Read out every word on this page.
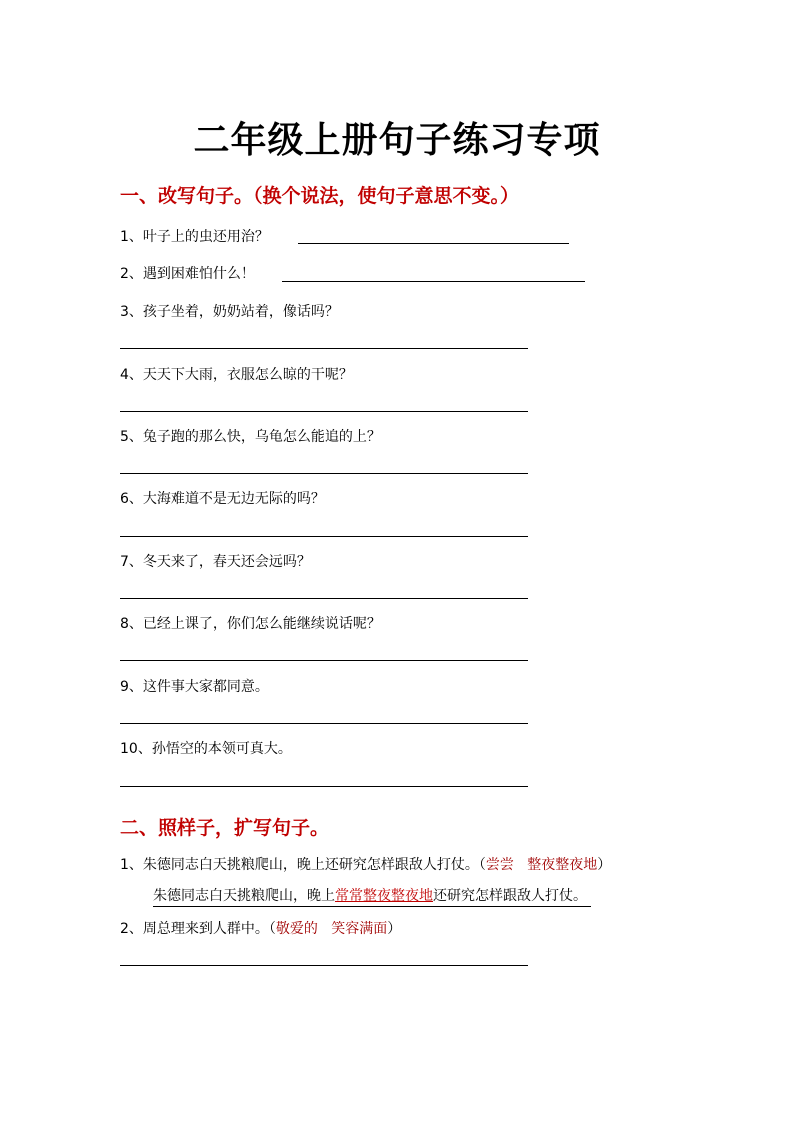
二年级上册句子练习专项
一、改写句子。（换个说法，使句子意思不变。）
1、叶子上的虫还用治？
2、遇到困难怕什么！
3、孩子坐着，奶奶站着，像话吗？
4、天天下大雨，衣服怎么晾的干呢？
5、兔子跑的那么快，乌龟怎么能追的上？
6、大海难道不是无边无际的吗？
7、冬天来了，春天还会远吗？
8、已经上课了，你们怎么能继续说话呢？
9、这件事大家都同意。
10、孙悟空的本领可真大。
二、照样子，扩写句子。
1、朱德同志白天挑粮爬山，晚上还研究怎样跟敌人打仗。（尝尝   整夜整夜地）
朱德同志白天挑粮爬山，晚上常常整夜整夜地还研究怎样跟敌人打仗。
2、周总理来到人群中。（敬爱的   笑容满面）
